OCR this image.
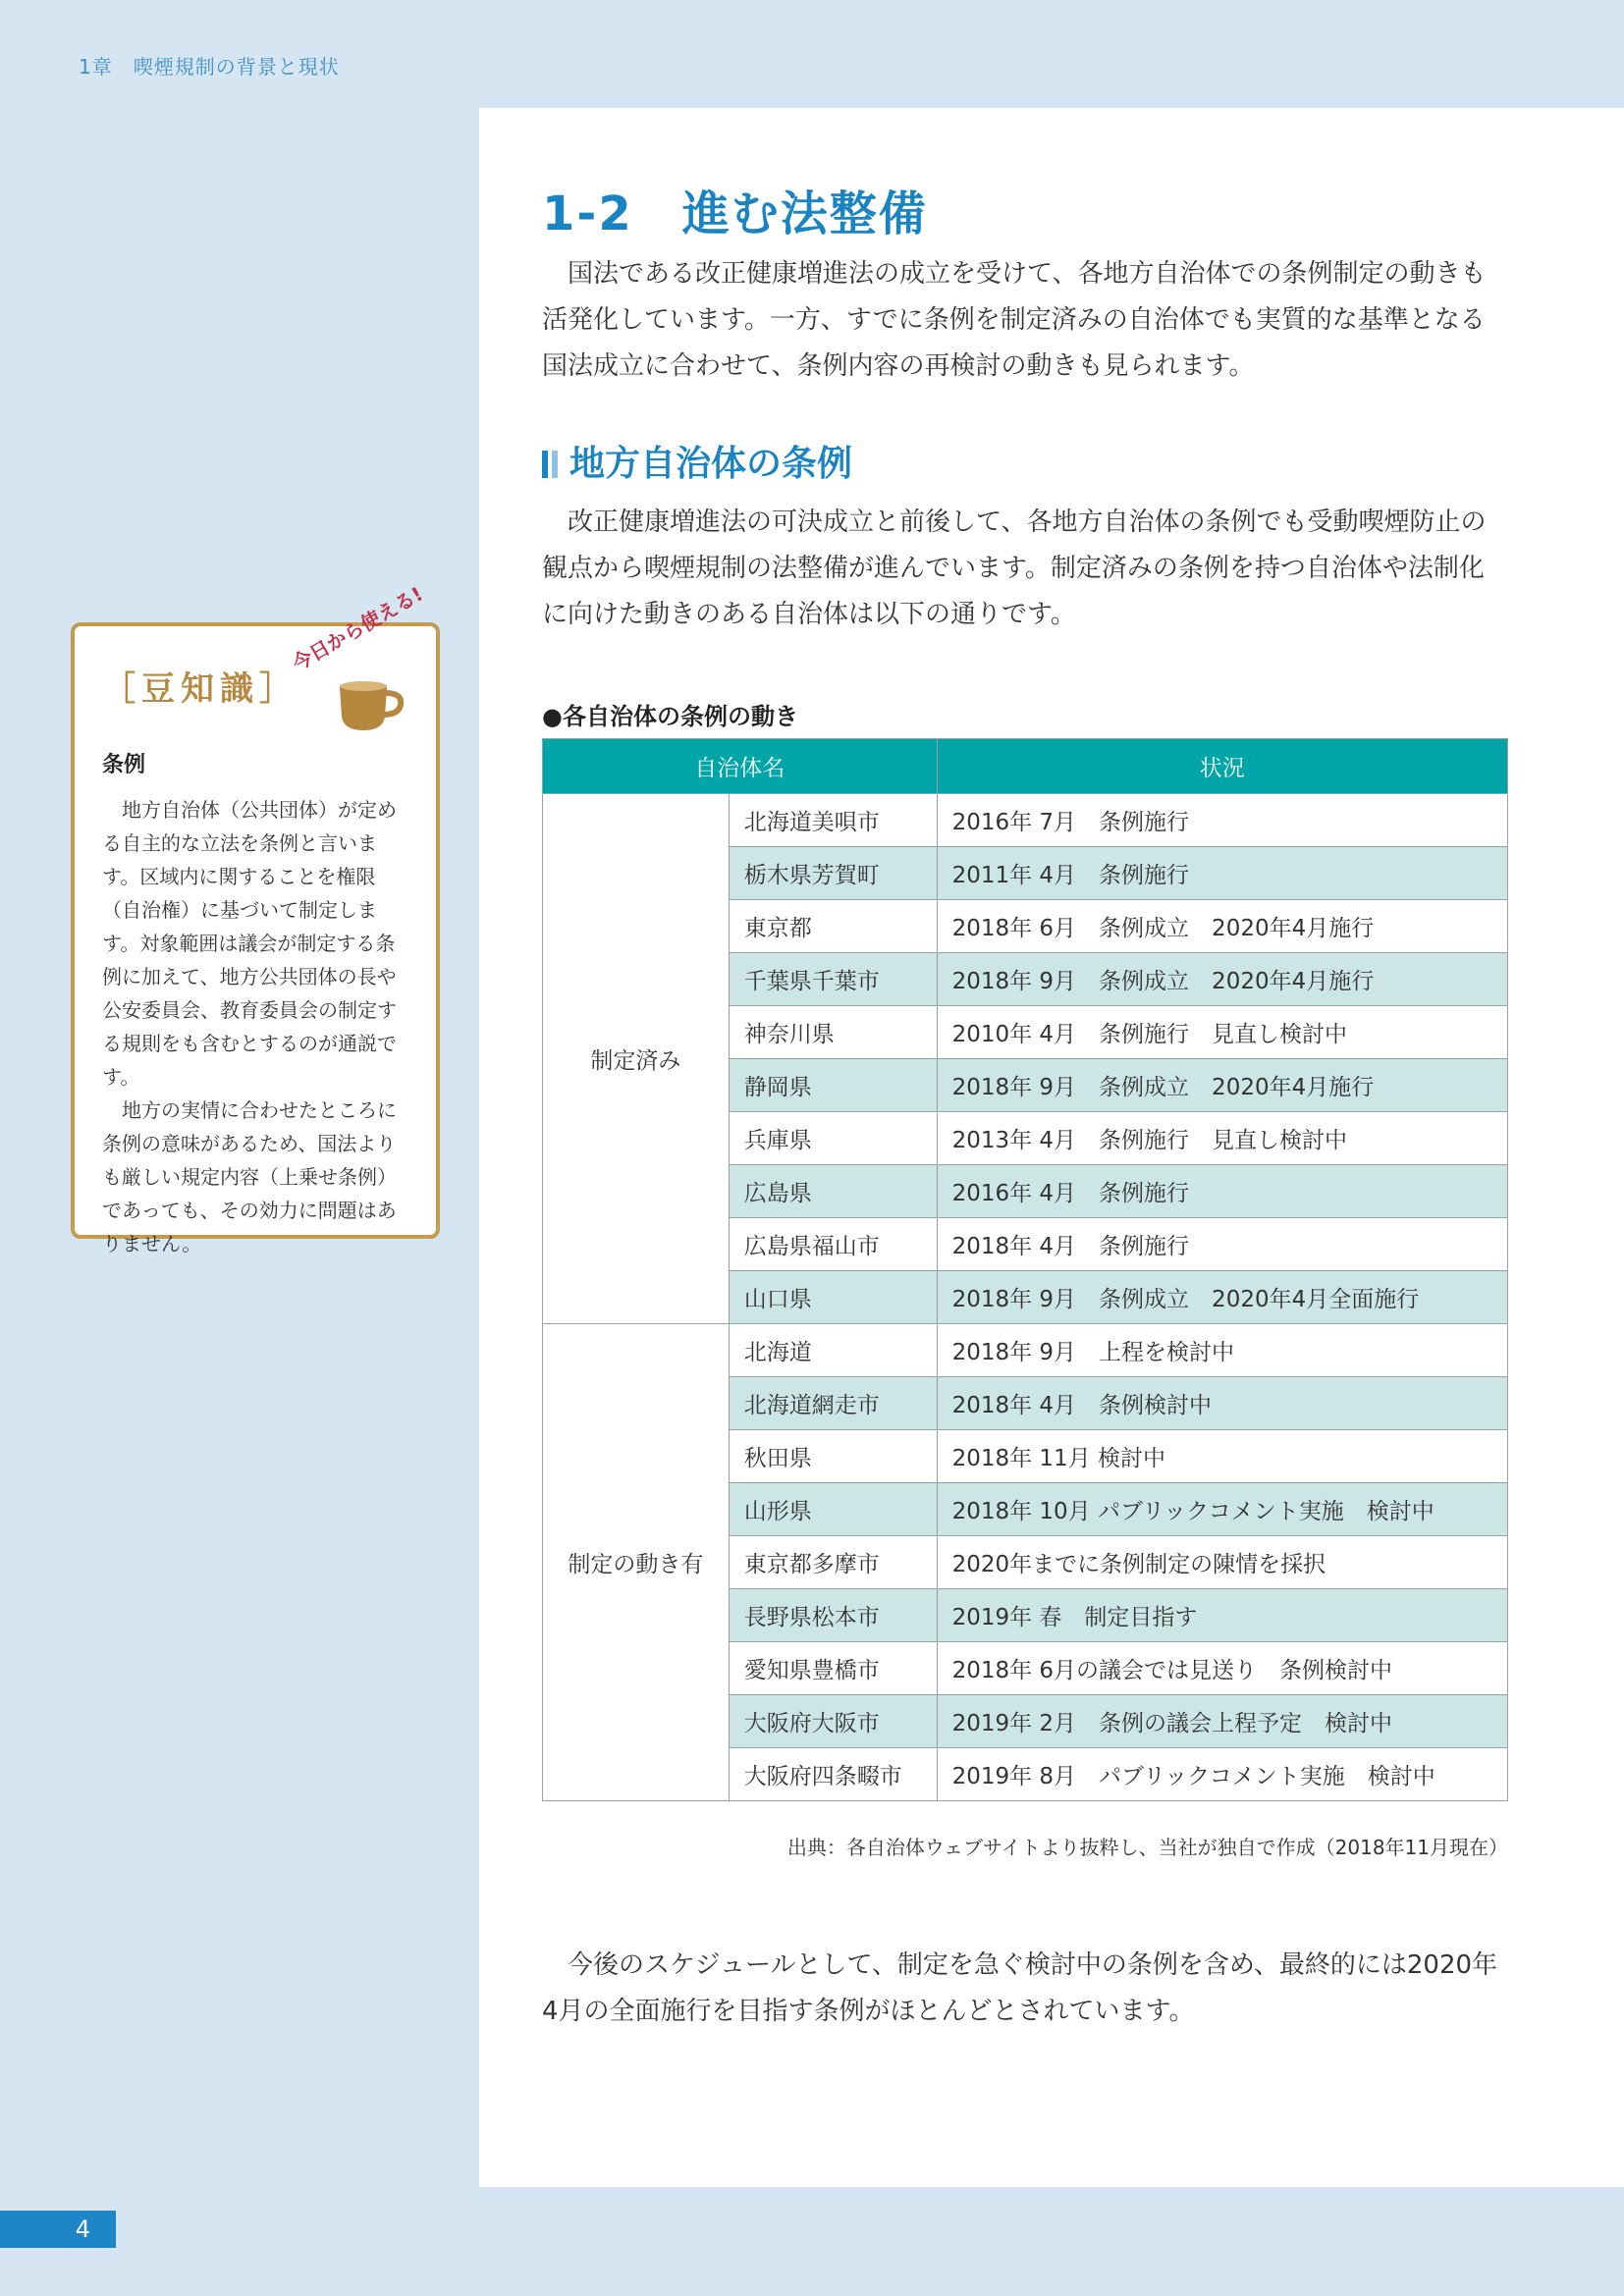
1章　喫煙規制の背景と現状
1-2　進む法整備

国法である改正健康増進法の成立を受けて、各地方自治体での条例制定の動きも活発化しています。一方、すでに条例を制定済みの自治体でも実質的な基準となる国法成立に合わせて、条例内容の再検討の動きも見られます。

地方自治体の条例

改正健康増進法の可決成立と前後して、各地方自治体の条例でも受動喫煙防止の観点から喫煙規制の法整備が進んでいます。制定済みの条例を持つ自治体や法制化に向けた動きのある自治体は以下の通りです。

［豆知識］
今日から使える!
条例

地方自治体（公共団体）が定める自主的な立法を条例と言います。区域内に関することを権限（自治権）に基づいて制定します。対象範囲は議会が制定する条例に加えて、地方公共団体の長や公安委員会、教育委員会の制定する規則をも含むとするのが通説です。

地方の実情に合わせたところに条例の意味があるため、国法よりも厳しい規定内容（上乗せ条例）であっても、その効力に問題はありません。

●各自治体の条例の動き
自治体名		状況
制定済み	北海道美唄市	2016年 7月　条例施行
	栃木県芳賀町	2011年 4月　条例施行
	東京都	2018年 6月　条例成立　2020年4月施行
	千葉県千葉市	2018年 9月　条例成立　2020年4月施行
	神奈川県	2010年 4月　条例施行　見直し検討中
	静岡県	2018年 9月　条例成立　2020年4月施行
	兵庫県	2013年 4月　条例施行　見直し検討中
	広島県	2016年 4月　条例施行
	広島県福山市	2018年 4月　条例施行
	山口県	2018年 9月　条例成立　2020年4月全面施行
制定の動き有	北海道	2018年 9月　上程を検討中
	北海道網走市	2018年 4月　条例検討中
	秋田県	2018年 11月 検討中
	山形県	2018年 10月 パブリックコメント実施　検討中
	東京都多摩市	2020年までに条例制定の陳情を採択
	長野県松本市	2019年 春　制定目指す
	愛知県豊橋市	2018年 6月の議会では見送り　条例検討中
	大阪府大阪市	2019年 2月　条例の議会上程予定　検討中
	大阪府四条畷市	2019年 8月　パブリックコメント実施　検討中
出典：各自治体ウェブサイトより抜粋し、当社が独自で作成（2018年11月現在）

今後のスケジュールとして、制定を急ぐ検討中の条例を含め、最終的には2020年4月の全面施行を目指す条例がほとんどとされています。

4
